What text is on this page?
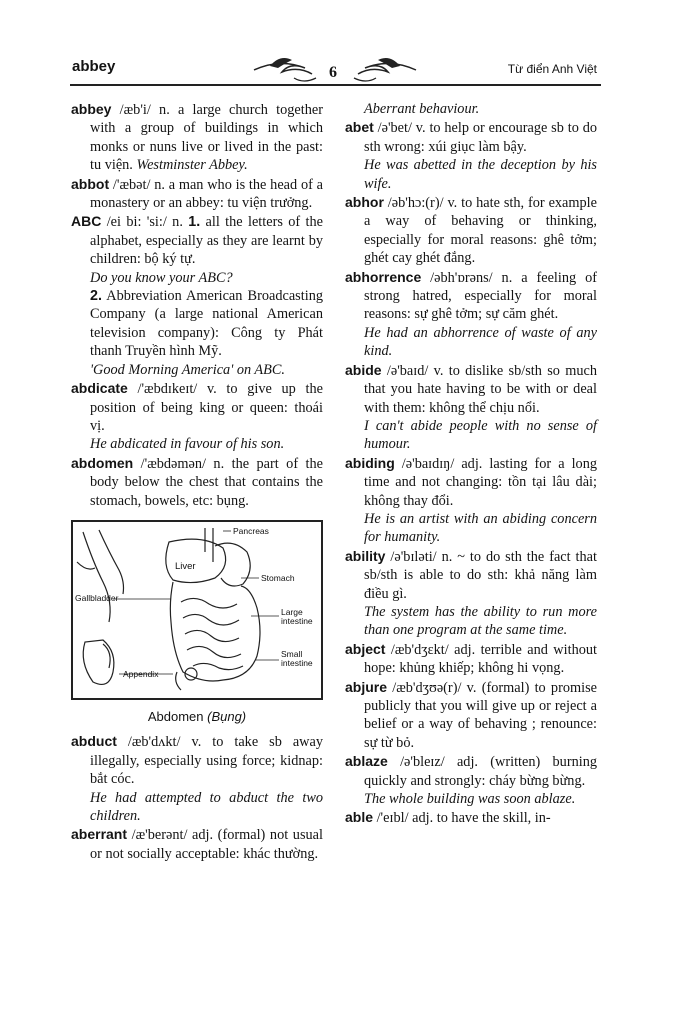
abbey	6	Từ điển Anh Việt

abbey /æb'i/ n. a large church together with a group of buildings in which monks or nuns live or lived in the past: tu viện. Westminster Abbey.

abbot /'æbət/ n. a man who is the head of a monastery or an abbey: tu viện trưởng.

ABC /ei bi: 'si:/ n. 1. all the letters of the alphabet, especially as they are learnt by children: bộ ký tự.

Do you know your ABC?

2. Abbreviation American Broadcasting Company (a large national American television company): Công ty Phát thanh Truyền hình Mỹ.

'Good Morning America' on ABC.

abdicate /'æbdɪkeɪt/ v. to give up the position of being king or queen: thoái vị.

He abdicated in favour of his son.

abdomen /'æbdəmən/ n. the part of the body below the chest that contains the stomach, bowels, etc: bụng.

Pancreas
Liver
Stomach
Gallbladder
Large intestine
Small intestine
Appendix
Abdomen (Bụng)

abduct /æb'dʌkt/ v. to take sb away illegally, especially using force; kidnap: bắt cóc.

He had attempted to abduct the two children.

aberrant /æ'berənt/ adj. (formal) not usual or not socially acceptable: khác thường.

Aberrant behaviour.

abet /ə'bet/ v. to help or encourage sb to do sth wrong: xúi giục làm bậy.

He was abetted in the deception by his wife.

abhor /əb'hɔ:(r)/ v. to hate sth, for example a way of behaving or thinking, especially for moral reasons: ghê tởm; ghét cay ghét đắng.

abhorrence /əbh'ɒrəns/ n. a feeling of strong hatred, especially for moral reasons: sự ghê tởm; sự căm ghét.

He had an abhorrence of waste of any kind.

abide /ə'baɪd/ v. to dislike sb/sth so much that you hate having to be with or deal with them: không thể chịu nổi.

I can't abide people with no sense of humour.

abiding /ə'baɪdɪŋ/ adj. lasting for a long time and not changing: tồn tại lâu dài; không thay đổi.

He is an artist with an abiding concern for humanity.

ability /ə'bɪləti/ n. ~ to do sth the fact that sb/sth is able to do sth: khả năng làm điều gì.

The system has the ability to run more than one program at the same time.

abject /æb'dʒɛkt/ adj. terrible and without hope: khủng khiếp; không hi vọng.

abjure /æb'dʒʊə(r)/ v. (formal) to promise publicly that you will give up or reject a belief or a way of behaving ; renounce: sự từ bỏ.

ablaze /ə'bleɪz/ adj. (written) burning quickly and strongly: cháy bừng bừng.

The whole building was soon ablaze.

able /'eɪbl/ adj. to have the skill, in-
